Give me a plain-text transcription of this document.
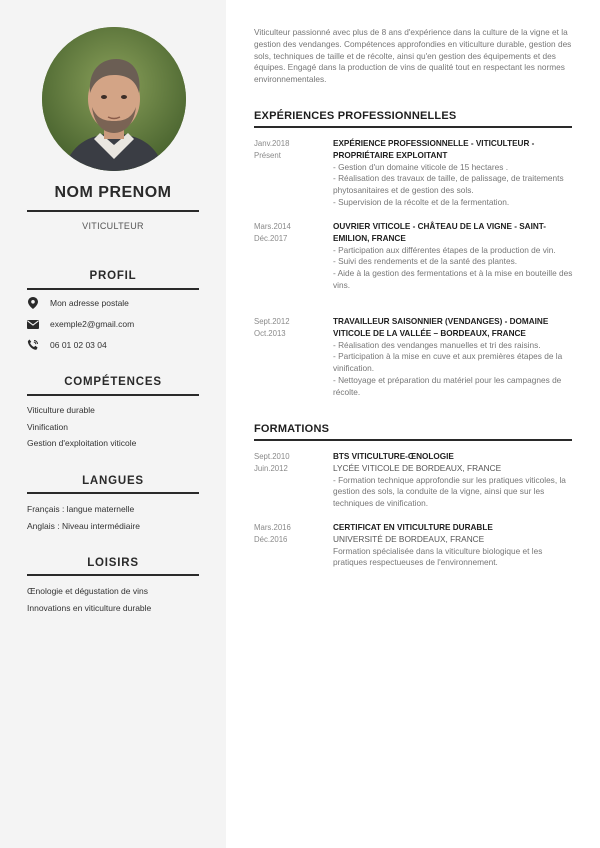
NOM PRENOM
VITICULTEUR
PROFIL
Mon adresse postale
exemple2@gmail.com
06 01 02 03 04
COMPÉTENCES
Viticulture durable
Vinification
Gestion d'exploitation viticole
LANGUES
Français : langue maternelle
Anglais : Niveau intermédiaire
LOISIRS
Œnologie et dégustation de vins
Innovations en viticulture durable
Viticulteur passionné avec plus de 8 ans d'expérience dans la culture de la vigne et la gestion des vendanges. Compétences approfondies en viticulture durable, gestion des sols, techniques de taille et de récolte, ainsi qu'en gestion des équipements et des équipes. Engagé dans la production de vins de qualité tout en respectant les normes environnementales.
EXPÉRIENCES PROFESSIONNELLES
Janv.2018
Présent
EXPÉRIENCE PROFESSIONNELLE - VITICULTEUR - PROPRIÉTAIRE EXPLOITANT
- Gestion d'un domaine viticole de 15 hectares .
- Réalisation des travaux de taille, de palissage, de traitements phytosanitaires et de gestion des sols.
- Supervision de la récolte et de la fermentation.
Mars.2014
Déc.2017
OUVRIER VITICOLE - CHÂTEAU DE LA VIGNE - SAINT-EMILION, FRANCE
- Participation aux différentes étapes de la production de vin.
- Suivi des rendements et de la santé des plantes.
- Aide à la gestion des fermentations et à la mise en bouteille des vins.
Sept.2012
Oct.2013
TRAVAILLEUR SAISONNIER (VENDANGES) - DOMAINE VITICOLE DE LA VALLÉE – BORDEAUX, FRANCE
- Réalisation des vendanges manuelles et tri des raisins.
- Participation à la mise en cuve et aux premières étapes de la vinification.
- Nettoyage et préparation du matériel pour les campagnes de récolte.
FORMATIONS
Sept.2010
Juin.2012
BTS VITICULTURE-ŒNOLOGIE
LYCÉE VITICOLE DE BORDEAUX, FRANCE
- Formation technique approfondie sur les pratiques viticoles, la gestion des sols, la conduite de la vigne, ainsi que sur les techniques de vinification.
Mars.2016
Déc.2016
CERTIFICAT EN VITICULTURE DURABLE
UNIVERSITÉ DE BORDEAUX, FRANCE
Formation spécialisée dans la viticulture biologique et les pratiques respectueuses de l'environnement.
